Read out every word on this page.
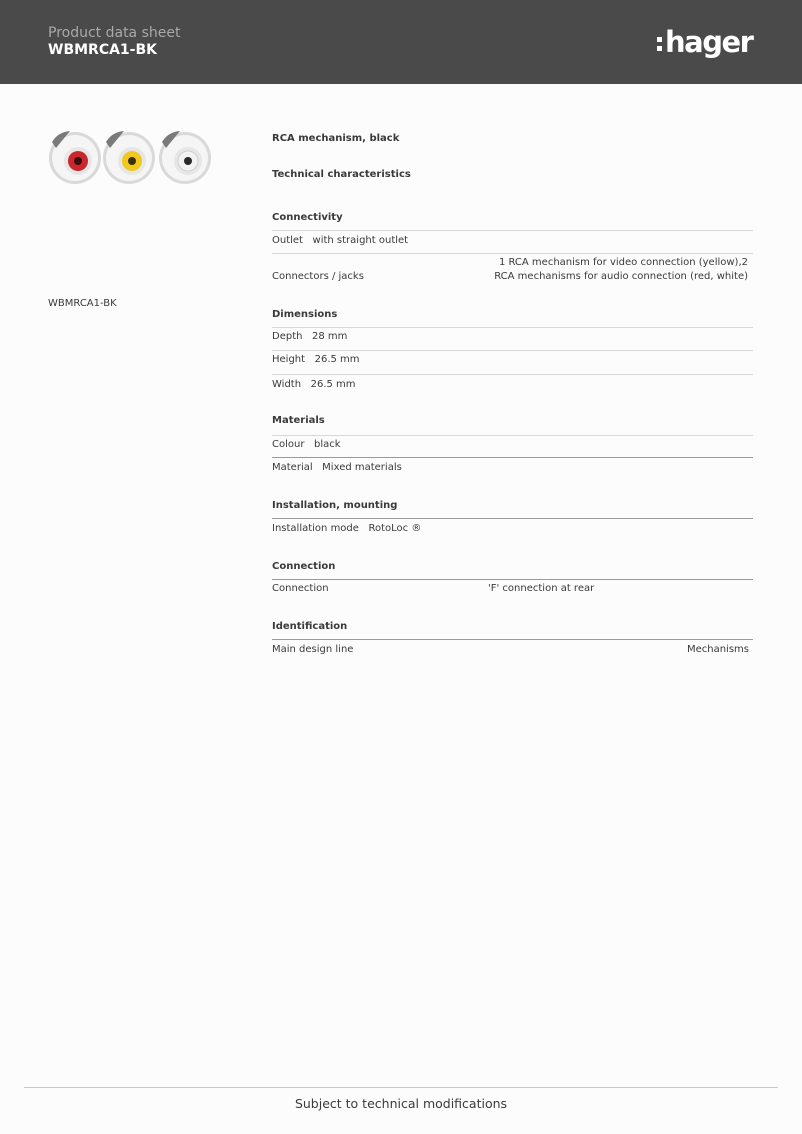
Product data sheet
WBMRCA1-BK	hager
WBMRCA1-BK
RCA mechanism, black
Technical characteristics
Connectivity
Outlet with straight outlet
Connectors / jacks
1 RCA mechanism for video connection (yellow),2
RCA mechanisms for audio connection (red, white)
Dimensions
Depth 28 mm
Height 26.5 mm
Width 26.5 mm
Materials
Colour black
Material Mixed materials
Installation, mounting
Installation mode RotoLoc ®
Connection
Connection	'F' connection at rear
Identification
Main design line	Mechanisms
Subject to technical modifications
